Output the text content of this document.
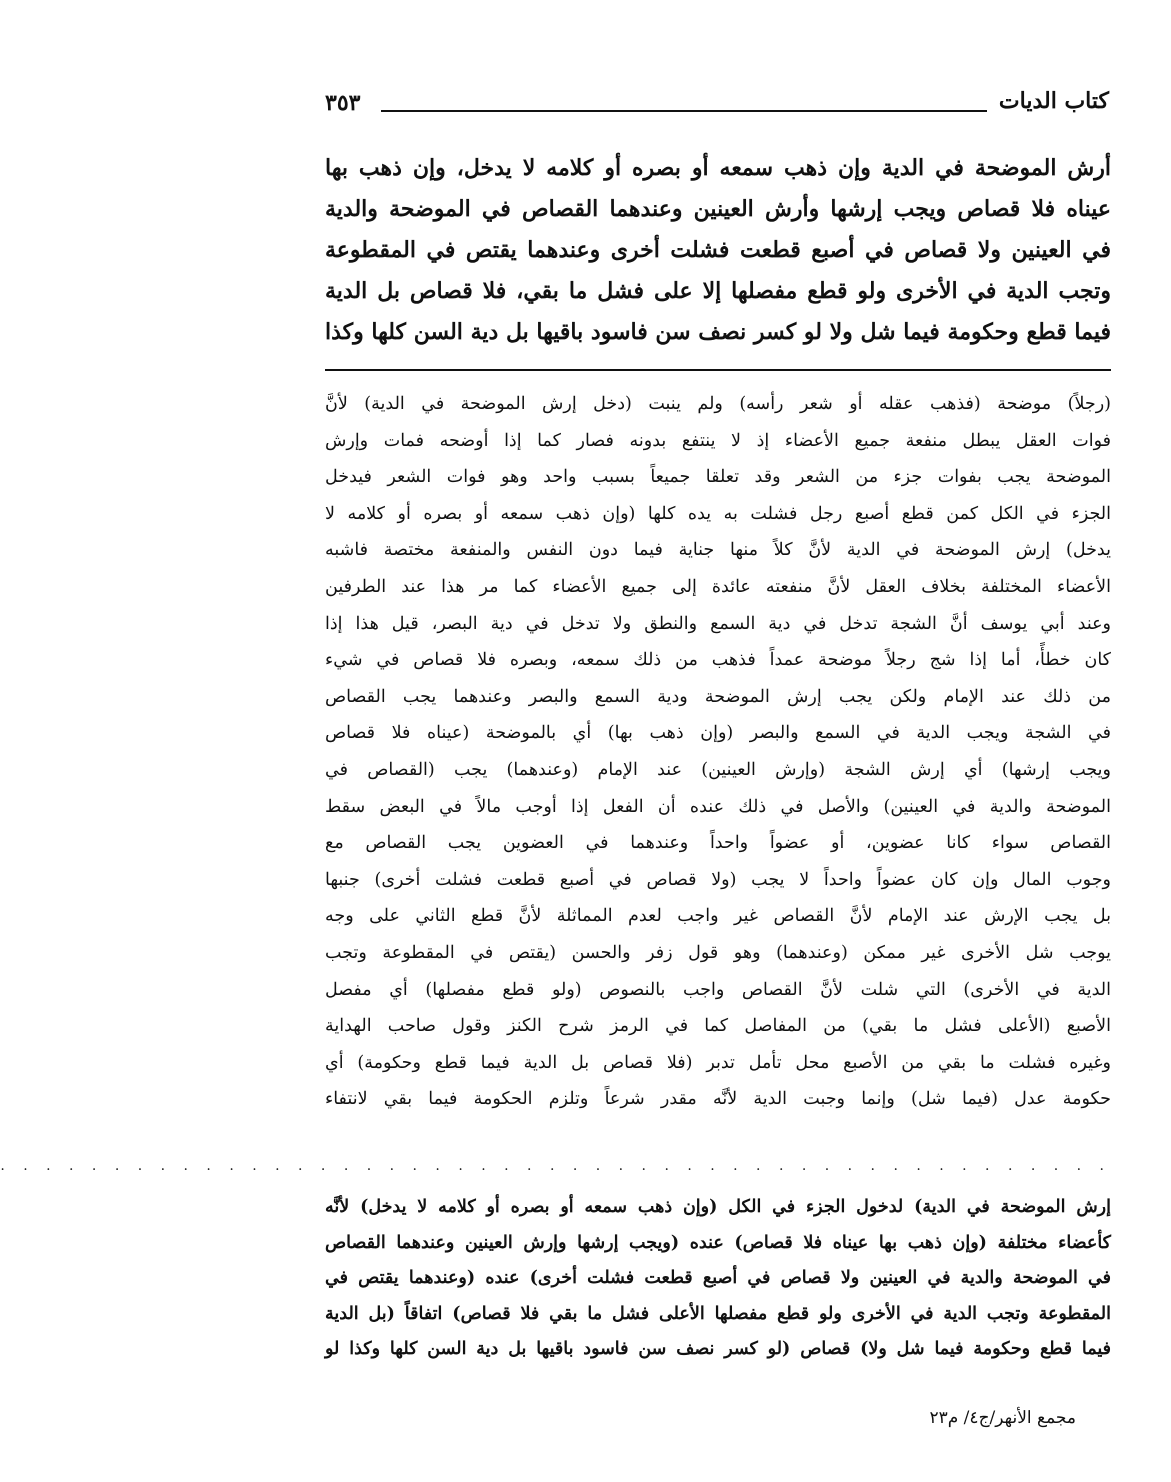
٣٥٣	كتاب الديات
أرش الموضحة في الدية وإن ذهب سمعه أو بصره أو كلامه لا يدخل، وإن ذهب بها
عيناه فلا قصاص ويجب إرشها وأرش العينين وعندهما القصاص في الموضحة والدية
في العينين ولا قصاص في أصبع قطعت فشلت أخرى وعندهما يقتص في المقطوعة
وتجب الدية في الأخرى ولو قطع مفصلها إلا على فشل ما بقي، فلا قصاص بل الدية
فيما قطع وحكومة فيما شل ولا لو كسر نصف سن فاسود باقيها بل دية السن كلها وكذا
(رجلاً) موضحة (فذهب عقله أو شعر رأسه) ولم ينبت (دخل إرش الموضحة في الدية) لأنَّ
فوات العقل يبطل منفعة جميع الأعضاء إذ لا ينتفع بدونه فصار كما إذا أوضحه فمات وإرش
الموضحة يجب بفوات جزء من الشعر وقد تعلقا جميعاً بسبب واحد وهو فوات الشعر فيدخل
الجزء في الكل كمن قطع أصبع رجل فشلت به يده كلها (وإن ذهب سمعه أو بصره أو كلامه لا
يدخل) إرش الموضحة في الدية لأنَّ كلاً منها جناية فيما دون النفس والمنفعة مختصة فاشبه
الأعضاء المختلفة بخلاف العقل لأنَّ منفعته عائدة إلى جميع الأعضاء كما مر هذا عند الطرفين
وعند أبي يوسف أنَّ الشجة تدخل في دية السمع والنطق ولا تدخل في دية البصر، قيل هذا إذا
كان خطأً، أما إذا شج رجلاً موضحة عمداً فذهب من ذلك سمعه، وبصره فلا قصاص في شيء
من ذلك عند الإمام ولكن يجب إرش الموضحة ودية السمع والبصر وعندهما يجب القصاص
في الشجة ويجب الدية في السمع والبصر (وإن ذهب بها) أي بالموضحة (عيناه فلا قصاص
ويجب إرشها) أي إرش الشجة (وإرش العينين) عند الإمام (وعندهما) يجب (القصاص في
الموضحة والدية في العينين) والأصل في ذلك عنده أن الفعل إذا أوجب مالاً في البعض سقط
القصاص سواء كانا عضوين، أو عضواً واحداً وعندهما في العضوين يجب القصاص مع
وجوب المال وإن كان عضواً واحداً لا يجب (ولا قصاص في أصبع قطعت فشلت أخرى) جنبها
بل يجب الإرش عند الإمام لأنَّ القصاص غير واجب لعدم المماثلة لأنَّ قطع الثاني على وجه
يوجب شل الأخرى غير ممكن (وعندهما) وهو قول زفر والحسن (يقتص في المقطوعة وتجب
الدية في الأخرى) التي شلت لأنَّ القصاص واجب بالنصوص (ولو قطع مفصلها) أي مفصل
الأصبع (الأعلى فشل ما بقي) من المفاصل كما في الرمز شرح الكنز وقول صاحب الهداية
وغيره فشلت ما بقي من الأصبع محل تأمل تدبر (فلا قصاص بل الدية فيما قطع وحكومة) أي
حكومة عدل (فيما شل) وإنما وجبت الدية لأنَّه مقدر شرعاً وتلزم الحكومة فيما بقي لانتفاء
. . . . . . . . . . . . . . . . . . . . . . . . . . . . . . . . . . . . . . . . . . . . . . . . .
إرش الموضحة في الدية) لدخول الجزء في الكل (وإن ذهب سمعه أو بصره أو كلامه لا يدخل) لأنَّه
كأعضاء مختلفة (وإن ذهب بها عيناه فلا قصاص) عنده (ويجب إرشها وإرش العينين وعندهما القصاص
في الموضحة والدية في العينين ولا قصاص في أصبع قطعت فشلت أخرى) عنده (وعندهما يقتص في
المقطوعة وتجب الدية في الأخرى ولو قطع مفصلها الأعلى فشل ما بقي فلا قصاص) اتفاقاً (بل الدية
فيما قطع وحكومة فيما شل ولا) قصاص (لو كسر نصف سن فاسود باقيها بل دية السن كلها وكذا لو
مجمع الأنهر/ج٤/ م٢٣
